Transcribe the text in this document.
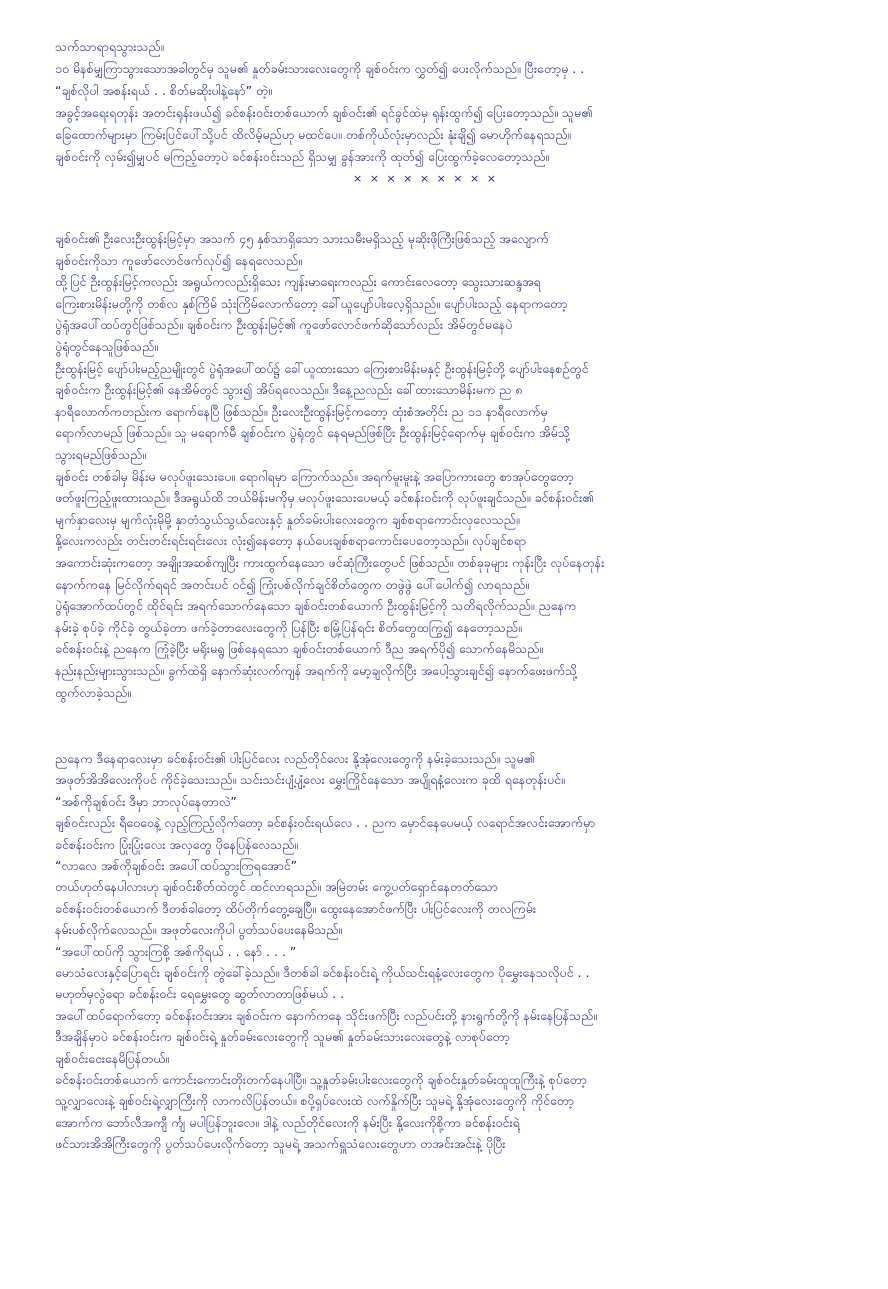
သက်သာရာရသွားသည်။
၁၀ မိနစ်မျှကြာသွားသောအခါတွင်မှ သူမ၏ နှုတ်ခမ်းသားလေးတွေကို ချစ်ဝင်းက လွှတ်၍ ပေးလိုက်သည်။ ပြီးတော့မှ . .
“ချစ်လိုပါ အစန်းရယ် . . စိတ်မဆိုးပါနဲ့နော်” တဲ့။
အခွင့်အရေးရတုန်း အတင်းရုန်းဖယ်၍ ခင်စန်းဝင်းတစ်ယောက် ချစ်ဝင်း၏ ရင်ခွင်ထဲမှ ရုန်းထွက်၍ ပြေးတော့သည်။ သူမ၏
ခြေထောက်များမှာ ကြမ်းပြင်ပေါ်သို့ပင် ထိလိမ့်မည်ဟု မထင်ပေ။ တစ်ကိုယ်လုံးမှာလည်း နုံးချိ၍ မောဟိုက်နေရသည်။
ချစ်ဝင်းကို လှမ်း၍မျှပင် မကြည့်တော့ပဲ ခင်စန်းဝင်းသည် ရှိသမျှ ခွန်အားကို ထုတ်၍ ပြေးထွက်ခဲ့လေတော့သည်။
× × × × × × × × ×
ချစ်ဝင်း၏ ဦးလေးဦးထွန်းမြင့်မှာ အသက် ၄၅ နှစ်သာရှိသော သားသမီးမရှိသည့် မုဆိုးဖိုကြီးဖြစ်သည့် အလျောက်
ချစ်ဝင်းကိုသာ ကူဖော်လောင်ဖက်လုပ်၍ နေရလေသည်။
ထို့ပြင် ဦးထွန်းမြင့်ကလည်း အရွယ်ကလည်းရှိသေး ကျန်းမာရေးကလည်း ကောင်းလေတော့ သွေးသားဆန္ဒအရ
ကြေးစားမိန်းမတို့ကို တစ်လ နှစ်ကြိမ် သုံးကြိမ်လောက်တော့ ခေါ်ယူပျော်ပါးလေ့ရှိသည်။ ပျော်ပါးသည့် နေရာကတော့
ပွဲရုံအပေါ်ထပ်တွင်ဖြစ်သည်။ ချစ်ဝင်းက ဦးထွန်းမြင့်၏ ကူဖော်လောင်ဖက်ဆိုသော်လည်း အိမ်တွင်မနေပဲ
ပွဲရုံတွင်နေသူဖြစ်သည်။
ဦးထွန်းမြင့် ပျော်ပါးမည့်ညမျိုးတွင် ပွဲရုံအပေါ်ထပ်၌ ခေါ်ယူထားသော ကြေးစားမိန်းမနှင့် ဦးထွန်းမြင့်တို့ ပျော်ပါးနေစဉ်တွင်
ချစ်ဝင်းက ဦးထွန်းမြင့်၏ နေအိမ်တွင် သွား၍ အိပ်ရလေသည်။ ဒီနေ့ညလည်း ခေါ်ထားသောမိန်းမက ည ၈
နာရီလောက်ကတည်းက ရောက်နေပြီ ဖြစ်သည်။ ဦးလေးဦးထွန်းမြင့်ကတော့ ထုံးစံအတိုင်း ည ၁၁ နာရီလောက်မှ
ရောက်လာမည် ဖြစ်သည်။ သူ မရောက်မီ ချစ်ဝင်းက ပွဲရုံတွင် နေရမည်ဖြစ်ပြီး ဦးထွန်းမြင့်ရောက်မှ ချစ်ဝင်းက အိမ်သို့
သွားရမည်ဖြစ်သည်။
ချစ်ဝင်း တစ်ခါမှ မိန်းမ မလုပ်ဖူးသေးပေ။ ရောဂါရမှာ ကြောက်သည်။ အရက်မူးမူးနဲ့ အပြောကားတွေ စာအုပ်တွေတော့
ဖတ်ဖူးကြည့်ဖူးထားသည်။ ဒီအရွယ်ထိ ဘယ်မိန်းမကိုမှ မလုပ်ဖူးသေးပေမယ့် ခင်စန်းဝင်းကို လုပ်ဖူးချင်သည်။ ခင်စန်းဝင်း၏
မျက်နှာလေးမှ မျက်လုံးမိုမို့ နှာတံသွယ်သွယ်လေးနှင့် နှုတ်ခမ်းပါးလေးတွေက ချစ်စရာကောင်းလှလေသည်။
နို့လေးကလည်း တင်းတင်းရင်းရင်းလေး လုံး၍နေတော့ နယ်ပေးချစ်စရာကောင်းပေတော့သည်။ လုပ်ချင်စရာ
အကောင်းဆုံးကတော့ အချိုးအဆစ်ကျပြီး ကားထွက်နေသော ဖင်ဆုံကြီးတွေပင် ဖြစ်သည်။ တစ်ခုခုများ ကုန်းပြီး လုပ်နေတုန်း
နောက်ကနေ မြင်လိုက်ရရင် အတင်းပင် ဝင်၍ ကြုံးပစ်လိုက်ချင်စိတ်တွေက တဖွဲဖွဲ ပေါ်ပေါက်၍ လာရသည်။
ပွဲရုံအောက်ထပ်တွင် ထိုင်ရင်း အရက်သောက်နေသော ချစ်ဝင်းတစ်ယောက် ဦးထွန်းမြင့်ကို သတိရလိုက်သည်။ ညနေက
နမ်းခဲ့ စုပ်ခဲ့ ကိုင်ခဲ့ တွယ်ခဲ့တာ ဖက်ခဲ့တာလေးတွေကို ပြန်ပြီး စမြုံ့ပြန်ရင်း စိတ်တွေထကြွ၍ နေတော့သည်။
ခင်စန်းဝင်းနဲ့ ညနေက ကြုံခဲ့ပြီး မရိုးမရွ ဖြစ်နေရသော ချစ်ဝင်းတစ်ယောက် ဒီည အရက်ပို၍ သောက်နေမိသည်။
နည်းနည်းများသွားသည်။ ခွက်ထဲရှိ နောက်ဆုံးလက်ကျန် အရက်ကို မော့ချလိုက်ပြီး အပေါ့သွားချင်၍ နောက်ဖေးဖက်သို့
ထွက်လာခဲ့သည်။
ညနေက ဒီနေရာလေးမှာ ခင်စန်းဝင်း၏ ပါးပြင်လေး လည်တိုင်လေး နို့အုံလေးတွေကို နမ်းခဲ့သေးသည်။ သူမ၏
အဖုတ်အိအိလေးကိုပင် ကိုင်ခဲ့သေးသည်။ သင်းသင်းပျံ့ပျံ့လေး မွှေးကြိုင်နေသော အပျိုရနံ့လေးက ခုထိ ရနေတုန်းပင်။
“အစ်ကိုချစ်ဝင်း ဒီမှာ ဘာလုပ်နေတာလဲ”
ချစ်ဝင်းလည်း ရီဝေဝေနဲ့ လှည့်ကြည့်လိုက်တော့ ခင်စန်းဝင်းရယ်လေ . . ညက မှောင်နေပေမယ့် လရောင်အလင်းအောက်မှာ
ခင်စန်းဝင်းက ပြုံးပြုံးလေး အလှတွေ ပိုနေပြန်လေသည်။
“လာလေ အစ်ကိုချစ်ဝင်း အပေါ်ထပ်သွားကြရအောင်”
တယ်ဟုတ်နေပါလားဟု ချစ်ဝင်းစိတ်ထဲတွင် ထင်လာရသည်။ အမြဲတမ်း ကွေ့ပတ်ရှောင်နေတတ်သော
ခင်စန်းဝင်းတစ်ယောက် ဒီတစ်ခါတော့ ထိပ်တိုက်တွေ့ချေပြီ။ ထွေးနေအောင်ဖက်ပြီး ပါးပြင်လေးကို တလကြမ်း
နမ်းပစ်လိုက်လေသည်။ အဖုတ်လေးကိုပါ ပွတ်သပ်ပေးနေမိသည်။
“အပေါ်ထပ်ကို သွားကြစို့ အစ်ကိုရယ် . . နော် . . . ”
မောသံလေးနှင့်ပြောရင်း ချစ်ဝင်းကို တွဲခေါ်ခဲ့သည်။ ဒီတစ်ခါ ခင်စန်းဝင်းရဲ့ ကိုယ်သင်းရနံ့လေးတွေက ပိုမွှေးနေသလိုပင် . .
မဟုတ်မှလွဲရော ခင်စန်းဝင်း ရေမွှေးတွေ ဆွတ်လာတာဖြစ်မယ် . .
အပေါ်ထပ်ရောက်တော့ ခင်စန်းဝင်းအား ချစ်ဝင်းက နောက်ကနေ သိုင်းဖက်ပြီး လည်ပင်းတို့ နားရွက်တို့ကို နမ်းနေပြန်သည်။
ဒီအချိန်မှာပဲ ခင်စန်းဝင်းက ချစ်ဝင်းရဲ့ နှုတ်ခမ်းလေးတွေကို သူမ၏ နှုတ်ခမ်းသားလေးတွေနဲ့ လာစုပ်တော့
ချစ်ဝင်းငေးနေမိပြန်တယ်။
ခင်စန်းဝင်းတစ်ယောက် ကောင်းကောင်းတိုးတက်နေပါပြီ။ သူ့နှုတ်ခမ်းပါးလေးတွေကို ချစ်ဝင်းနှုတ်ခမ်းထူထူကြီးနဲ့ စုပ်တော့
သူ့လျှာလေးနဲ့ ချစ်ဝင်းရဲ့လျှာကြီးကို လာကလိပြန်တယ်။ စပို့ရှပ်လေးထဲ လက်နှိုက်ပြီး သူမရဲ့ နို့အုံလေးတွေကို ကိုင်တော့
အောက်က ဘော်လီအကျီ င်္ကျ မပါပြန်ဘူးလေ။ ဒါနဲ့ လည်တိုင်လေးကို နမ်းပြီး နို့လေးကိုစို့ကာ ခင်စန်းဝင်းရဲ့
ဖင်သားအိအိကြီးတွေကို ပွတ်သပ်ပေးလိုက်တော့ သူမရဲ့ အသက်ရှူသံလေးတွေဟာ တအင်းအင်းနဲ့ ပိုပြီး
